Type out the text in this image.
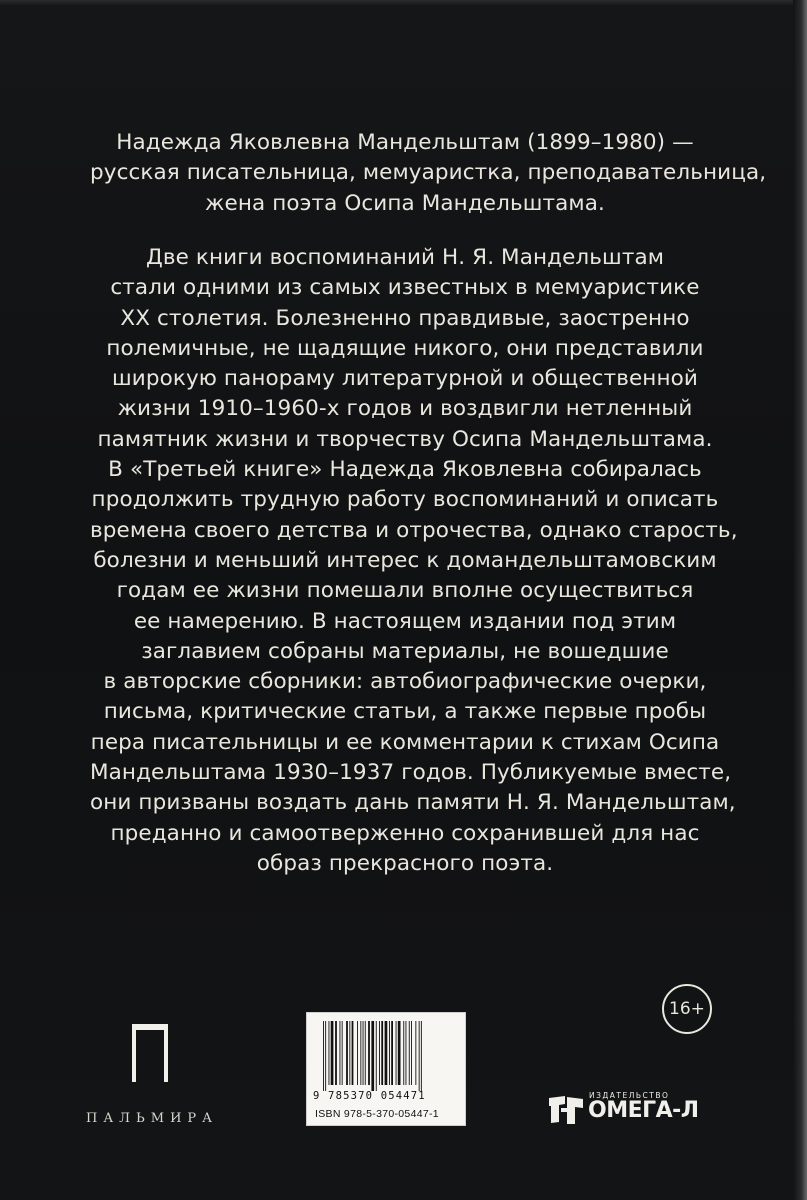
Надежда Яковлевна Мандельштам (1899–1980) —
русская писательница, мемуаристка, преподавательница,
жена поэта Осипа Мандельштама.
Две книги воспоминаний Н. Я. Мандельштам
стали одними из самых известных в мемуаристике
XX столетия. Болезненно правдивые, заостренно
полемичные, не щадящие никого, они представили
широкую панораму литературной и общественной
жизни 1910–1960-х годов и воздвигли нетленный
памятник жизни и творчеству Осипа Мандельштама.
В «Третьей книге» Надежда Яковлевна собиралась
продолжить трудную работу воспоминаний и описать
времена своего детства и отрочества, однако старость,
болезни и меньший интерес к домандельштамовским
годам ее жизни помешали вполне осуществиться
ее намерению. В настоящем издании под этим
заглавием собраны материалы, не вошедшие
в авторские сборники: автобиографические очерки,
письма, критические статьи, а также первые пробы
пера писательницы и ее комментарии к стихам Осипа
Мандельштама 1930–1937 годов. Публикуемые вместе,
они призваны воздать дань памяти Н. Я. Мандельштам,
преданно и самоотверженно сохранившей для нас
образ прекрасного поэта.
16+
ПАЛЬМИРА
9 785370 054471
ISBN 978-5-370-05447-1
ИЗДАТЕЛЬСТВО
ОМЕГА-Л
